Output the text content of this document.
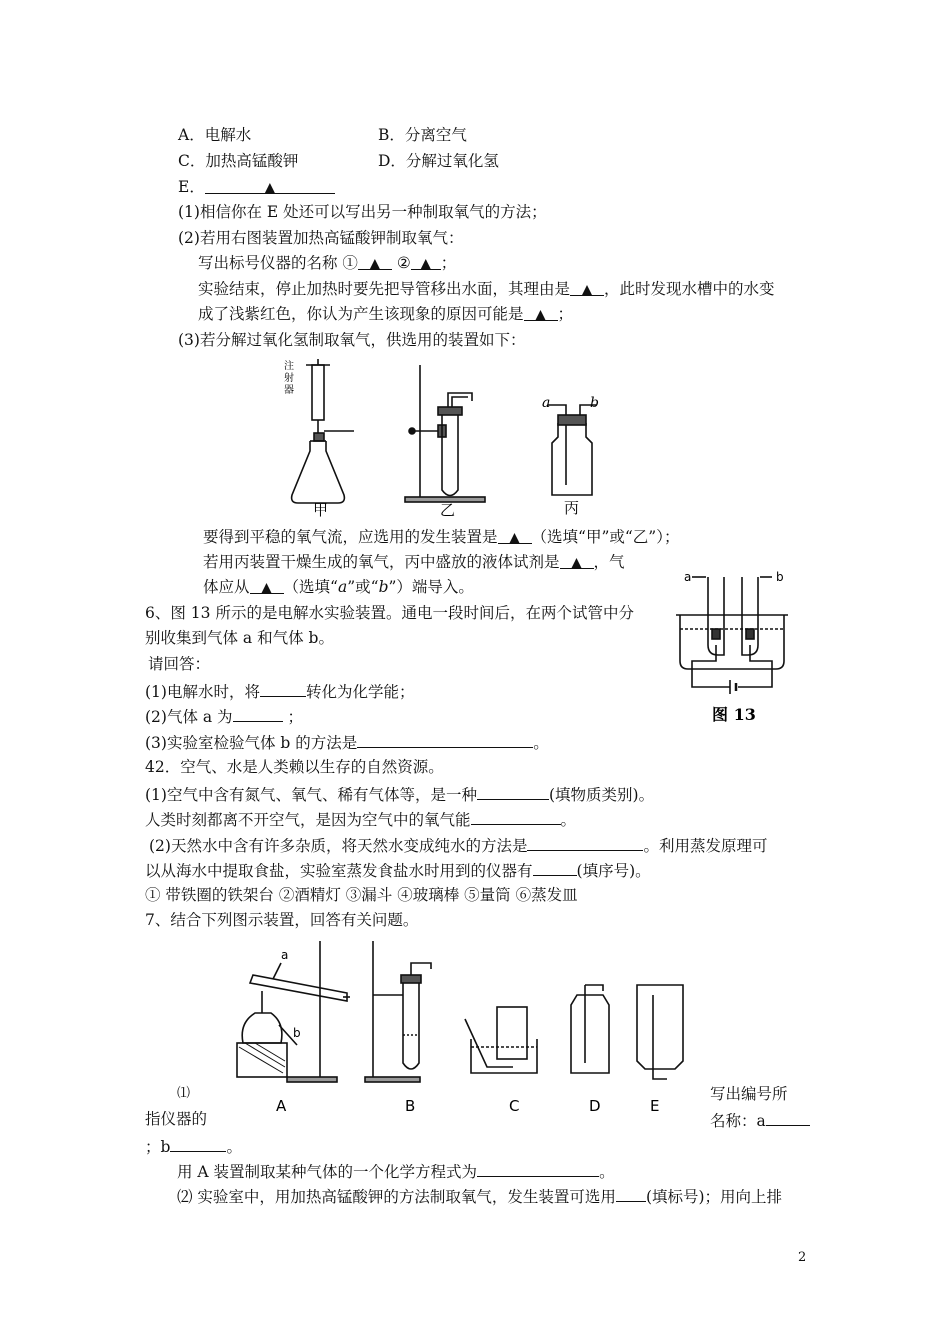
A．电解水	B．分离空气
C．加热高锰酸钾	D．分解过氧化氢
E．	▲
(1)相信你在 E 处还可以写出另一种制取氧气的方法；
(2)若用右图装置加热高锰酸钾制取氧气：
写出标号仪器的名称 ① ▲ ② ▲ ；
实验结束，停止加热时要先把导管移出水面，其理由是 ▲ ，此时发现水槽中的水变
成了浅紫红色，你认为产生该现象的原因可能是 ▲ ；
(3)若分解过氧化氢制取氧气，供选用的装置如下：
注
射
器
甲	乙	丙
a	b
要得到平稳的氧气流，应选用的发生装置是 ▲ （选填“甲”或“乙”）；
若用丙装置干燥生成的氧气，丙中盛放的液体试剂是 ▲ ，气
体应从 ▲ （选填“a”或“b”）端导入。
6、图 13 所示的是电解水实验装置。通电一段时间后，在两个试管中分
别收集到气体 a 和气体 b。
请回答：
(1)电解水时，将	转化为化学能；
(2)气体 a 为	；
(3)实验室检验气体 b 的方法是	。
a	b
图 13
42．空气、水是人类赖以生存的自然资源。
(1)空气中含有氮气、氧气、稀有气体等，是一种	(填物质类别)。
人类时刻都离不开空气，是因为空气中的氧气能	。
(2)天然水中含有许多杂质，将天然水变成纯水的方法是	。利用蒸发原理可
以从海水中提取食盐，实验室蒸发食盐水时用到的仪器有	(填序号)。
① 带铁圈的铁架台 ②酒精灯 ③漏斗 ④玻璃棒 ⑤量筒 ⑥蒸发皿
7、结合下列图示装置，回答有关问题。
a
b
A	B	C	D	E
⑴	写出编号所
指仪器的	名称：a
；b	。
用 A 装置制取某种气体的一个化学方程式为	。
⑵ 实验室中，用加热高锰酸钾的方法制取氧气，发生装置可选用 (填标号)；用向上排
2
